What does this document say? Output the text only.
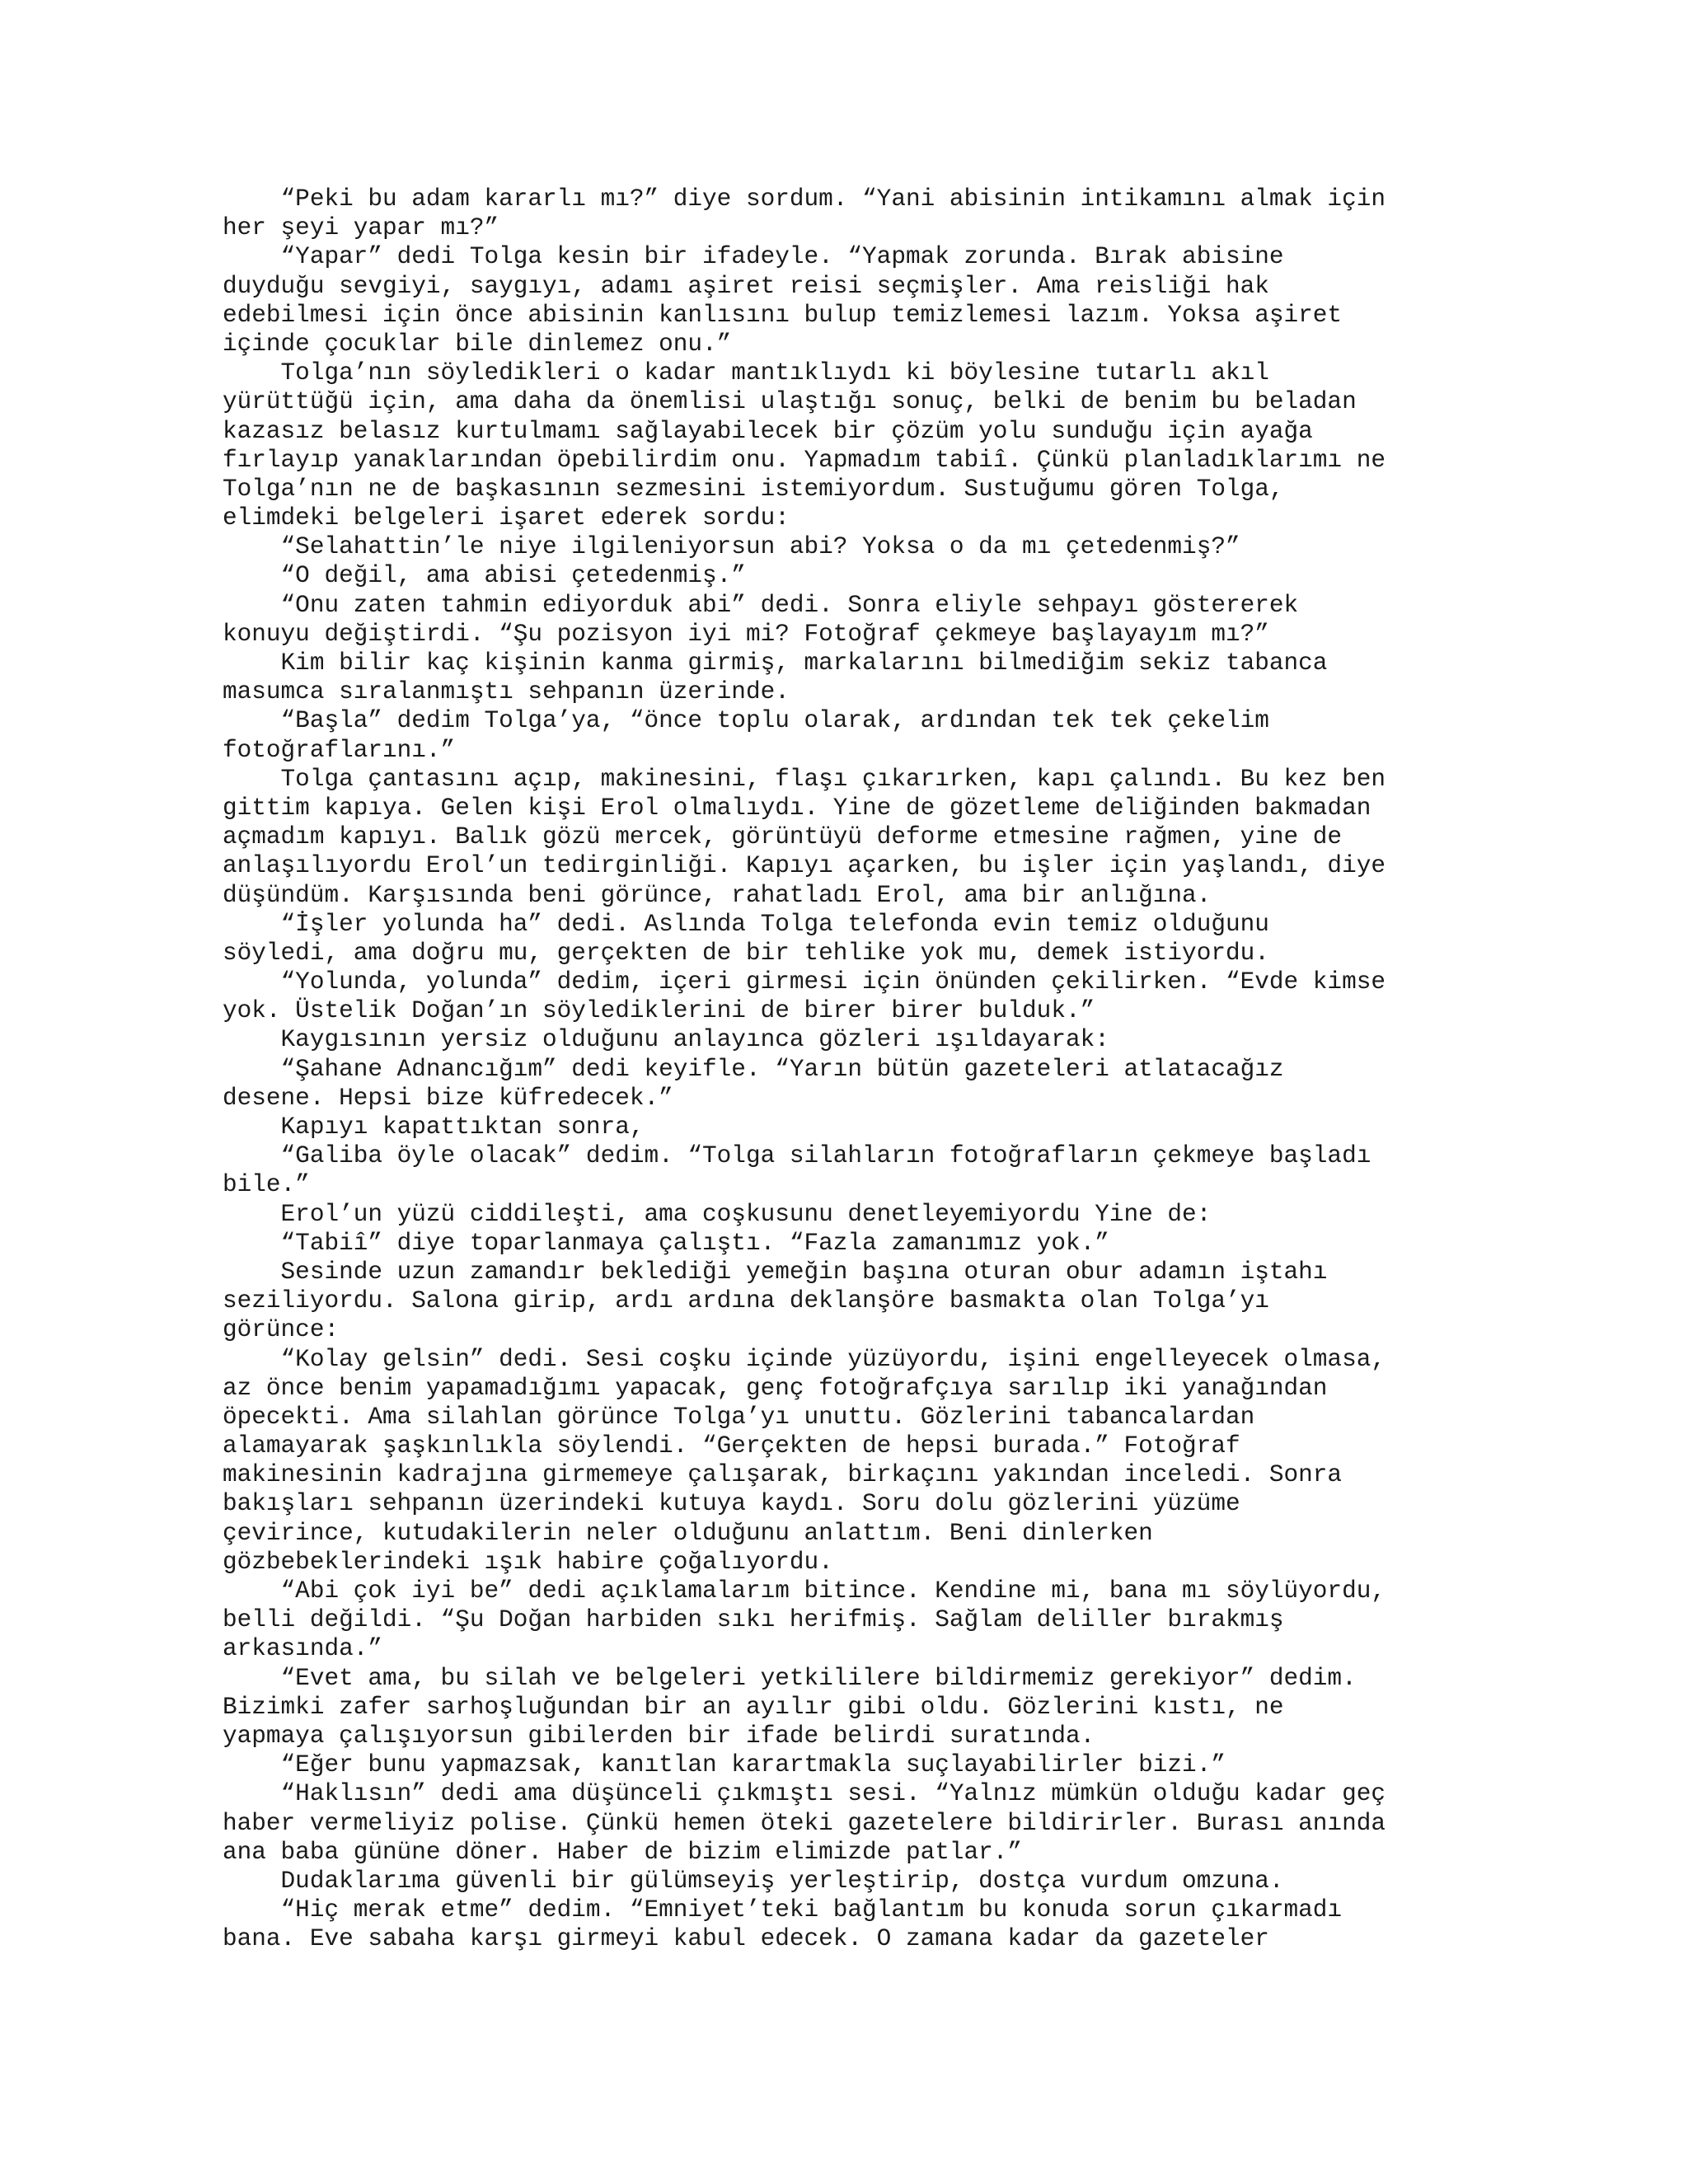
“Peki bu adam kararlı mı?” diye sordum. “Yani abisinin intikamını almak için
her şeyi yapar mı?”
“Yapar” dedi Tolga kesin bir ifadeyle. “Yapmak zorunda. Bırak abisine
duyduğu sevgiyi, saygıyı, adamı aşiret reisi seçmişler. Ama reisliği hak
edebilmesi için önce abisinin kanlısını bulup temizlemesi lazım. Yoksa aşiret
içinde çocuklar bile dinlemez onu.”
Tolga’nın söyledikleri o kadar mantıklıydı ki böylesine tutarlı akıl
yürüttüğü için, ama daha da önemlisi ulaştığı sonuç, belki de benim bu beladan
kazasız belasız kurtulmamı sağlayabilecek bir çözüm yolu sunduğu için ayağa
fırlayıp yanaklarından öpebilirdim onu. Yapmadım tabiî. Çünkü planladıklarımı ne
Tolga’nın ne de başkasının sezmesini istemiyordum. Sustuğumu gören Tolga,
elimdeki belgeleri işaret ederek sordu:
“Selahattin’le niye ilgileniyorsun abi? Yoksa o da mı çetedenmiş?”
“O değil, ama abisi çetedenmiş.”
“Onu zaten tahmin ediyorduk abi” dedi. Sonra eliyle sehpayı göstererek
konuyu değiştirdi. “Şu pozisyon iyi mi? Fotoğraf çekmeye başlayayım mı?”
Kim bilir kaç kişinin kanma girmiş, markalarını bilmediğim sekiz tabanca
masumca sıralanmıştı sehpanın üzerinde.
“Başla” dedim Tolga’ya, “önce toplu olarak, ardından tek tek çekelim
fotoğraflarını.”
Tolga çantasını açıp, makinesini, flaşı çıkarırken, kapı çalındı. Bu kez ben
gittim kapıya. Gelen kişi Erol olmalıydı. Yine de gözetleme deliğinden bakmadan
açmadım kapıyı. Balık gözü mercek, görüntüyü deforme etmesine rağmen, yine de
anlaşılıyordu Erol’un tedirginliği. Kapıyı açarken, bu işler için yaşlandı, diye
düşündüm. Karşısında beni görünce, rahatladı Erol, ama bir anlığına.
“İşler yolunda ha” dedi. Aslında Tolga telefonda evin temiz olduğunu
söyledi, ama doğru mu, gerçekten de bir tehlike yok mu, demek istiyordu.
“Yolunda, yolunda” dedim, içeri girmesi için önünden çekilirken. “Evde kimse
yok. Üstelik Doğan’ın söylediklerini de birer birer bulduk.”
Kaygısının yersiz olduğunu anlayınca gözleri ışıldayarak:
“Şahane Adnancığım” dedi keyifle. “Yarın bütün gazeteleri atlatacağız
desene. Hepsi bize küfredecek.”
Kapıyı kapattıktan sonra,
“Galiba öyle olacak” dedim. “Tolga silahların fotoğrafların çekmeye başladı
bile.”
Erol’un yüzü ciddileşti, ama coşkusunu denetleyemiyordu Yine de:
“Tabiî” diye toparlanmaya çalıştı. “Fazla zamanımız yok.”
Sesinde uzun zamandır beklediği yemeğin başına oturan obur adamın iştahı
seziliyordu. Salona girip, ardı ardına deklanşöre basmakta olan Tolga’yı
görünce:
“Kolay gelsin” dedi. Sesi coşku içinde yüzüyordu, işini engelleyecek olmasa,
az önce benim yapamadığımı yapacak, genç fotoğrafçıya sarılıp iki yanağından
öpecekti. Ama silahlan görünce Tolga’yı unuttu. Gözlerini tabancalardan
alamayarak şaşkınlıkla söylendi. “Gerçekten de hepsi burada.” Fotoğraf
makinesinin kadrajına girmemeye çalışarak, birkaçını yakından inceledi. Sonra
bakışları sehpanın üzerindeki kutuya kaydı. Soru dolu gözlerini yüzüme
çevirince, kutudakilerin neler olduğunu anlattım. Beni dinlerken
gözbebeklerindeki ışık habire çoğalıyordu.
“Abi çok iyi be” dedi açıklamalarım bitince. Kendine mi, bana mı söylüyordu,
belli değildi. “Şu Doğan harbiden sıkı herifmiş. Sağlam deliller bırakmış
arkasında.”
“Evet ama, bu silah ve belgeleri yetkililere bildirmemiz gerekiyor” dedim.
Bizimki zafer sarhoşluğundan bir an ayılır gibi oldu. Gözlerini kıstı, ne
yapmaya çalışıyorsun gibilerden bir ifade belirdi suratında.
“Eğer bunu yapmazsak, kanıtlan karartmakla suçlayabilirler bizi.”
“Haklısın” dedi ama düşünceli çıkmıştı sesi. “Yalnız mümkün olduğu kadar geç
haber vermeliyiz polise. Çünkü hemen öteki gazetelere bildirirler. Burası anında
ana baba gününe döner. Haber de bizim elimizde patlar.”
Dudaklarıma güvenli bir gülümseyiş yerleştirip, dostça vurdum omzuna.
“Hiç merak etme” dedim. “Emniyet’teki bağlantım bu konuda sorun çıkarmadı
bana. Eve sabaha karşı girmeyi kabul edecek. O zamana kadar da gazeteler
